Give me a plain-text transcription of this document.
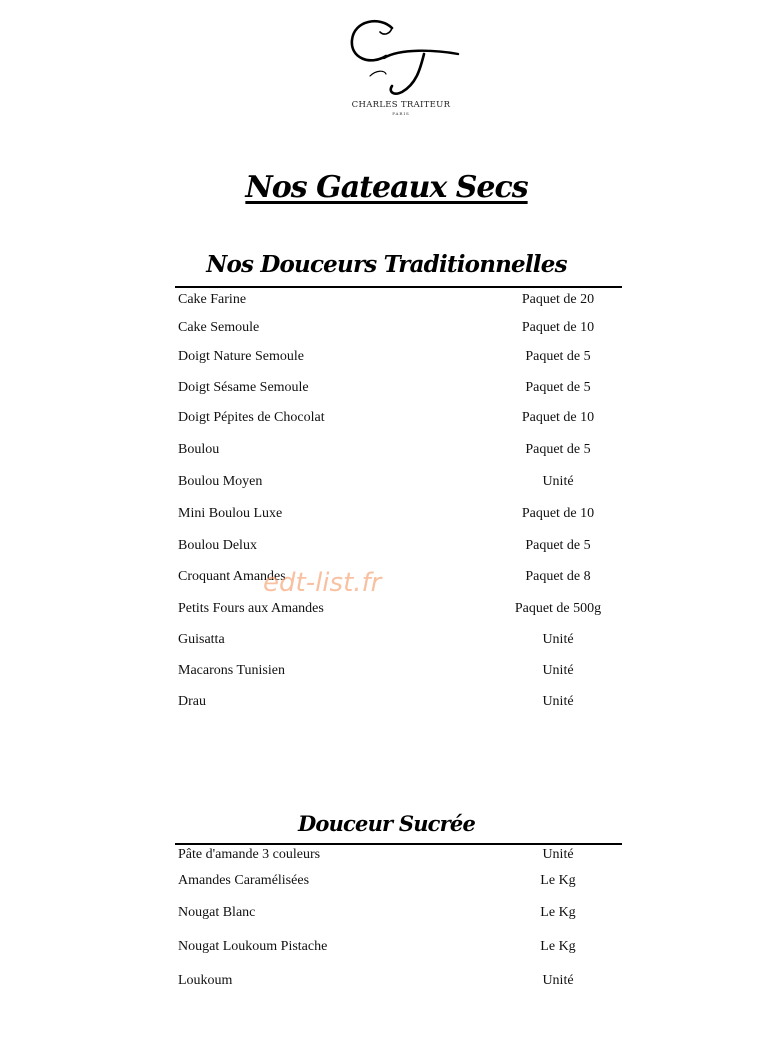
CHARLES TRAITEUR
PARIS
Nos Gateaux Secs
Nos Douceurs Traditionnelles
Cake Farine	Paquet de 20
Cake Semoule	Paquet de 10
Doigt Nature Semoule	Paquet de 5
Doigt Sésame Semoule	Paquet de 5
Doigt Pépites de Chocolat	Paquet de 10
Boulou	Paquet de 5
Boulou Moyen	Unité
Mini Boulou Luxe	Paquet de 10
Boulou Delux	Paquet de 5
Croquant Amandes	Paquet de 8
Petits Fours aux Amandes	Paquet de 500g
Guisatta	Unité
Macarons Tunisien	Unité
Drau	Unité
Douceur Sucrée
Pâte d'amande 3 couleurs	Unité
Amandes Caramélisées	Le Kg
Nougat Blanc	Le Kg
Nougat Loukoum Pistache	Le Kg
Loukoum	Unité
edt-list.fr
